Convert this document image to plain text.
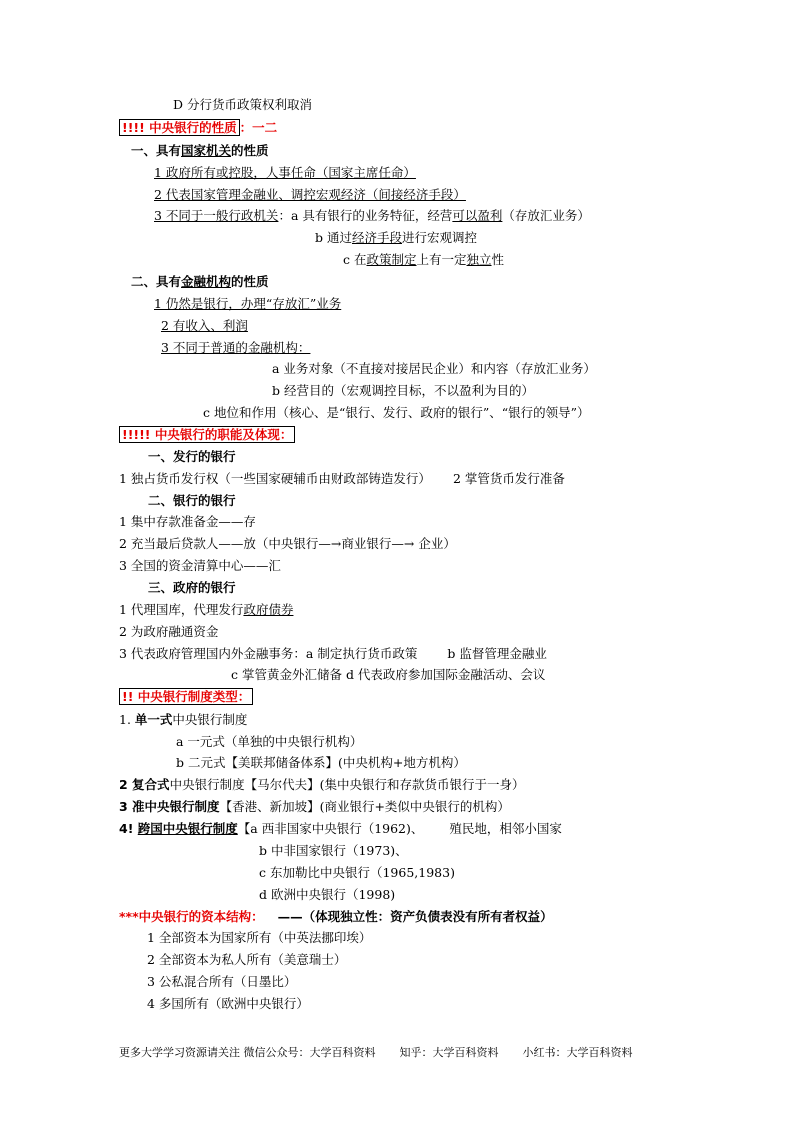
D 分行货币政策权利取消
!!!! 中央银行的性质 ：一二
一、具有国家机关的性质
1 政府所有或控股，人事任命（国家主席任命）
2 代表国家管理金融业、调控宏观经济（间接经济手段）
3 不同于一般行政机关：a 具有银行的业务特征，经营可以盈利（存放汇业务）
b 通过经济手段进行宏观调控
c 在政策制定上有一定独立性
二、具有金融机构的性质
1 仍然是银行，办理“存放汇”业务
2 有收入、利润
3 不同于普通的金融机构：
a 业务对象（不直接对接居民企业）和内容（存放汇业务）
b 经营目的（宏观调控目标，不以盈利为目的）
c 地位和作用（核心、是“银行、发行、政府的银行”、“银行的领导”）
!!!!! 中央银行的职能及体现：
一、发行的银行
1 独占货币发行权（一些国家硬辅币由财政部铸造发行） 2 掌管货币发行准备
二、银行的银行
1 集中存款准备金——存
2 充当最后贷款人——放（中央银行—→商业银行—→ 企业）
3 全国的资金清算中心——汇
三、政府的银行
1 代理国库，代理发行政府债券
2 为政府融通资金
3 代表政府管理国内外金融事务：a 制定执行货币政策 b 监督管理金融业
c 掌管黄金外汇储备 d 代表政府参加国际金融活动、会议
!! 中央银行制度类型：
1. 单一式中央银行制度
a 一元式（单独的中央银行机构）
b 二元式【美联邦储备体系】(中央机构+地方机构）
2 复合式中央银行制度【马尔代夫】(集中央银行和存款货币银行于一身）
3 准中央银行制度【香港、新加坡】(商业银行+类似中央银行的机构）
4! 跨国中央银行制度【a 西非国家中央银行（1962)、 殖民地，相邻小国家
b 中非国家银行（1973)、
c 东加勒比中央银行（1965,1983)
d 欧洲中央银行（1998)
***中央银行的资本结构： ——（体现独立性：资产负债表没有所有者权益）
1 全部资本为国家所有（中英法挪印埃）
2 全部资本为私人所有（美意瑞士）
3 公私混合所有（日墨比）
4 多国所有（欧洲中央银行）
更多大学学习资源请关注 微信公众号：大学百科资料 知乎：大学百科资料 小红书：大学百科资料
